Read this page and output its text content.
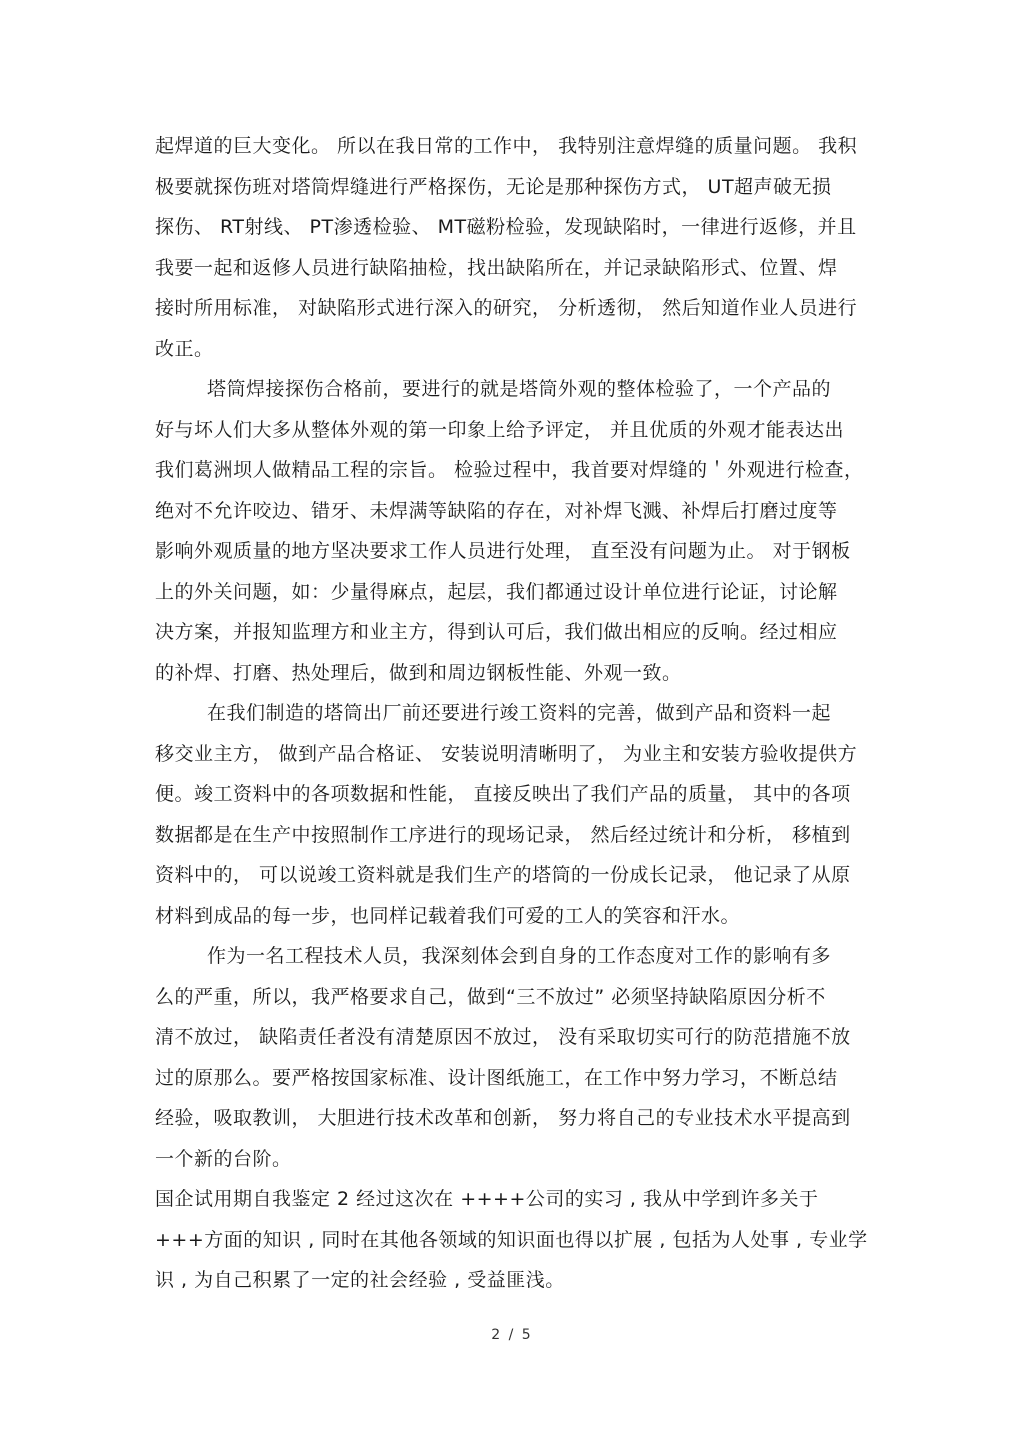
起焊道的巨大变化。 所以在我日常的工作中， 我特别注意焊缝的质量问题。 我积
极要就探伤班对塔筒焊缝进行严格探伤，无论是那种探伤方式， UT超声破无损
探伤、 RT射线、 PT渗透检验、 MT磁粉检验，发现缺陷时，一律进行返修，并且
我要一起和返修人员进行缺陷抽检，找出缺陷所在，并记录缺陷形式、位置、焊
接时所用标准， 对缺陷形式进行深入的研究， 分析透彻， 然后知道作业人员进行
改正。
塔筒焊接探伤合格前，要进行的就是塔筒外观的整体检验了，一个产品的
好与坏人们大多从整体外观的第一印象上给予评定， 并且优质的外观才能表达出
我们葛洲坝人做精品工程的宗旨。 检验过程中，我首要对焊缝的＇外观进行检查，
绝对不允许咬边、错牙、未焊满等缺陷的存在，对补焊飞溅、补焊后打磨过度等
影响外观质量的地方坚决要求工作人员进行处理， 直至没有问题为止。 对于钢板
上的外关问题，如：少量得麻点，起层，我们都通过设计单位进行论证，讨论解
决方案，并报知监理方和业主方，得到认可后，我们做出相应的反响。经过相应
的补焊、打磨、热处理后，做到和周边钢板性能、外观一致。
在我们制造的塔筒出厂前还要进行竣工资料的完善，做到产品和资料一起
移交业主方， 做到产品合格证、 安装说明清晰明了， 为业主和安装方验收提供方
便。竣工资料中的各项数据和性能， 直接反映出了我们产品的质量， 其中的各项
数据都是在生产中按照制作工序进行的现场记录， 然后经过统计和分析， 移植到
资料中的， 可以说竣工资料就是我们生产的塔筒的一份成长记录， 他记录了从原
材料到成品的每一步，也同样记载着我们可爱的工人的笑容和汗水。
作为一名工程技术人员，我深刻体会到自身的工作态度对工作的影响有多
么的严重，所以，我严格要求自己，做到“三不放过” 必须坚持缺陷原因分析不
清不放过， 缺陷责任者没有清楚原因不放过， 没有采取切实可行的防范措施不放
过的原那么。要严格按国家标准、设计图纸施工，在工作中努力学习，不断总结
经验，吸取教训， 大胆进行技术改革和创新， 努力将自己的专业技术水平提高到
一个新的台阶。
国企试用期自我鉴定 2 经过这次在 ++++公司的实习 , 我从中学到许多关于
+++方面的知识 , 同时在其他各领域的知识面也得以扩展 , 包括为人处事 , 专业学
识 , 为自己积累了一定的社会经验 , 受益匪浅。
2 / 5
